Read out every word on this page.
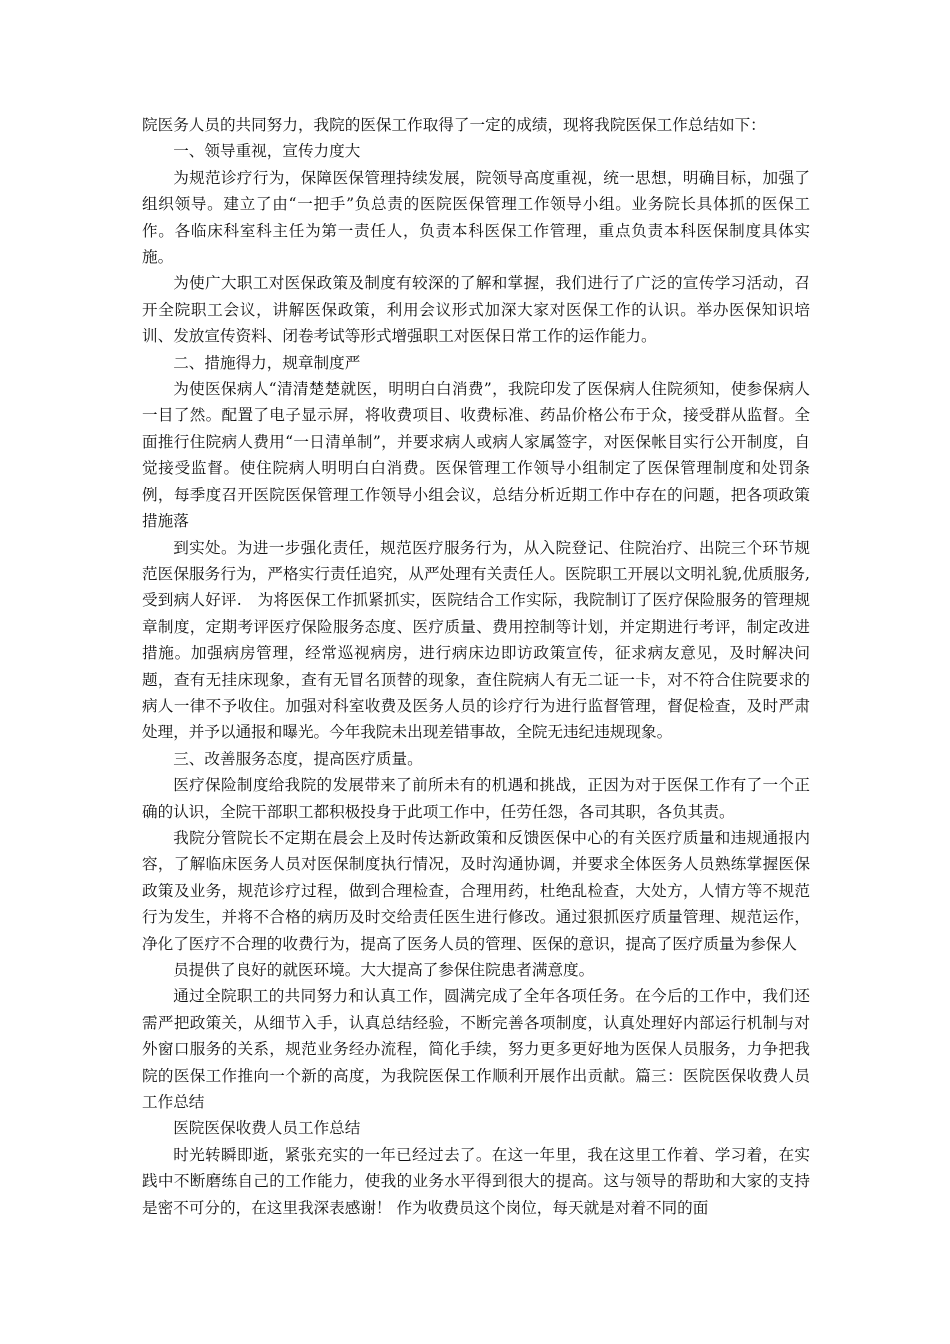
院医务人员的共同努力，我院的医保工作取得了一定的成绩，现将我院医保工作总结如下：

一、领导重视，宣传力度大

为规范诊疗行为，保障医保管理持续发展，院领导高度重视，统一思想，明确目标，加强了组织领导。建立了由“一把手”负总责的医院医保管理工作领导小组。业务院长具体抓的医保工作。各临床科室科主任为第一责任人，负责本科医保工作管理，重点负责本科医保制度具体实施。

为使广大职工对医保政策及制度有较深的了解和掌握，我们进行了广泛的宣传学习活动，召开全院职工会议，讲解医保政策，利用会议形式加深大家对医保工作的认识。举办医保知识培训、发放宣传资料、闭卷考试等形式增强职工对医保日常工作的运作能力。

二、措施得力，规章制度严

为使医保病人“清清楚楚就医，明明白白消费”，我院印发了医保病人住院须知，使参保病人一目了然。配置了电子显示屏，将收费项目、收费标准、药品价格公布于众，接受群从监督。全面推行住院病人费用“一日清单制”，并要求病人或病人家属签字，对医保帐目实行公开制度，自觉接受监督。使住院病人明明白白消费。医保管理工作领导小组制定了医保管理制度和处罚条例，每季度召开医院医保管理工作领导小组会议，总结分析近期工作中存在的问题，把各项政策措施落

到实处。为进一步强化责任，规范医疗服务行为，从入院登记、住院治疗、出院三个环节规范医保服务行为，严格实行责任追究，从严处理有关责任人。医院职工开展以文明礼貌,优质服务,受到病人好评.　为将医保工作抓紧抓实，医院结合工作实际，我院制订了医疗保险服务的管理规章制度，定期考评医疗保险服务态度、医疗质量、费用控制等计划，并定期进行考评，制定改进措施。加强病房管理，经常巡视病房，进行病床边即访政策宣传，征求病友意见，及时解决问题，查有无挂床现象，查有无冒名顶替的现象，查住院病人有无二证一卡，对不符合住院要求的病人一律不予收住。加强对科室收费及医务人员的诊疗行为进行监督管理，督促检查，及时严肃处理，并予以通报和曝光。今年我院未出现差错事故，全院无违纪违规现象。

三、改善服务态度，提高医疗质量。

医疗保险制度给我院的发展带来了前所未有的机遇和挑战，正因为对于医保工作有了一个正确的认识，全院干部职工都积极投身于此项工作中，任劳任怨，各司其职，各负其责。

我院分管院长不定期在晨会上及时传达新政策和反馈医保中心的有关医疗质量和违规通报内容，了解临床医务人员对医保制度执行情况，及时沟通协调，并要求全体医务人员熟练掌握医保政策及业务，规范诊疗过程，做到合理检查，合理用药，杜绝乱检查，大处方，人情方等不规范行为发生，并将不合格的病历及时交给责任医生进行修改。通过狠抓医疗质量管理、规范运作，净化了医疗不合理的收费行为，提高了医务人员的管理、医保的意识，提高了医疗质量为参保人

员提供了良好的就医环境。大大提高了参保住院患者满意度。

通过全院职工的共同努力和认真工作，圆满完成了全年各项任务。在今后的工作中，我们还需严把政策关，从细节入手，认真总结经验，不断完善各项制度，认真处理好内部运行机制与对外窗口服务的关系，规范业务经办流程，简化手续，努力更多更好地为医保人员服务，力争把我院的医保工作推向一个新的高度，为我院医保工作顺利开展作出贡献。篇三：医院医保收费人员工作总结

医院医保收费人员工作总结

时光转瞬即逝，紧张充实的一年已经过去了。在这一年里，我在这里工作着、学习着，在实践中不断磨练自己的工作能力，使我的业务水平得到很大的提高。这与领导的帮助和大家的支持是密不可分的，在这里我深表感谢！ 作为收费员这个岗位，每天就是对着不同的面
